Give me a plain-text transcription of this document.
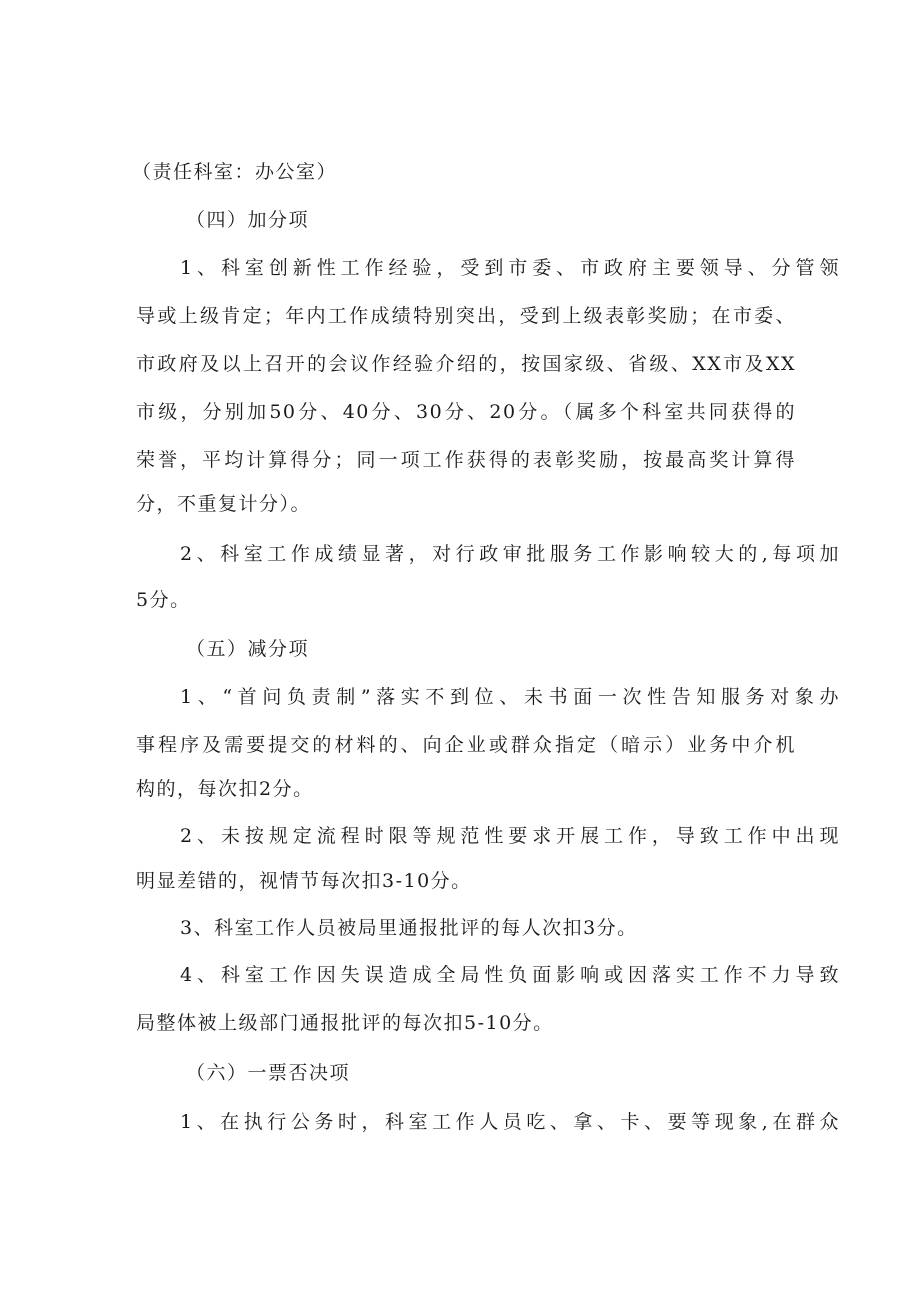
（责任科室：办公室）
（四）加分项
1、科室创新性工作经验，受到市委、市政府主要领导、分管领
导或上级肯定；年内工作成绩特别突出，受到上级表彰奖励；在市委、
市政府及以上召开的会议作经验介绍的，按国家级、省级、XX市及XX
市级，分别加50分、40分、30分、20分。（属多个科室共同获得的
荣誉，平均计算得分；同一项工作获得的表彰奖励，按最高奖计算得
分，不重复计分）。
2、科室工作成绩显著，对行政审批服务工作影响较大的,每项加
5分。
（五）减分项
1、“首问负责制”落实不到位、未书面一次性告知服务对象办
事程序及需要提交的材料的、向企业或群众指定（暗示）业务中介机
构的，每次扣2分。
2、未按规定流程时限等规范性要求开展工作，导致工作中出现
明显差错的，视情节每次扣3-10分。
3、科室工作人员被局里通报批评的每人次扣3分。
4、科室工作因失误造成全局性负面影响或因落实工作不力导致
局整体被上级部门通报批评的每次扣5-10分。
（六）一票否决项
1、在执行公务时，科室工作人员吃、拿、卡、要等现象,在群众
